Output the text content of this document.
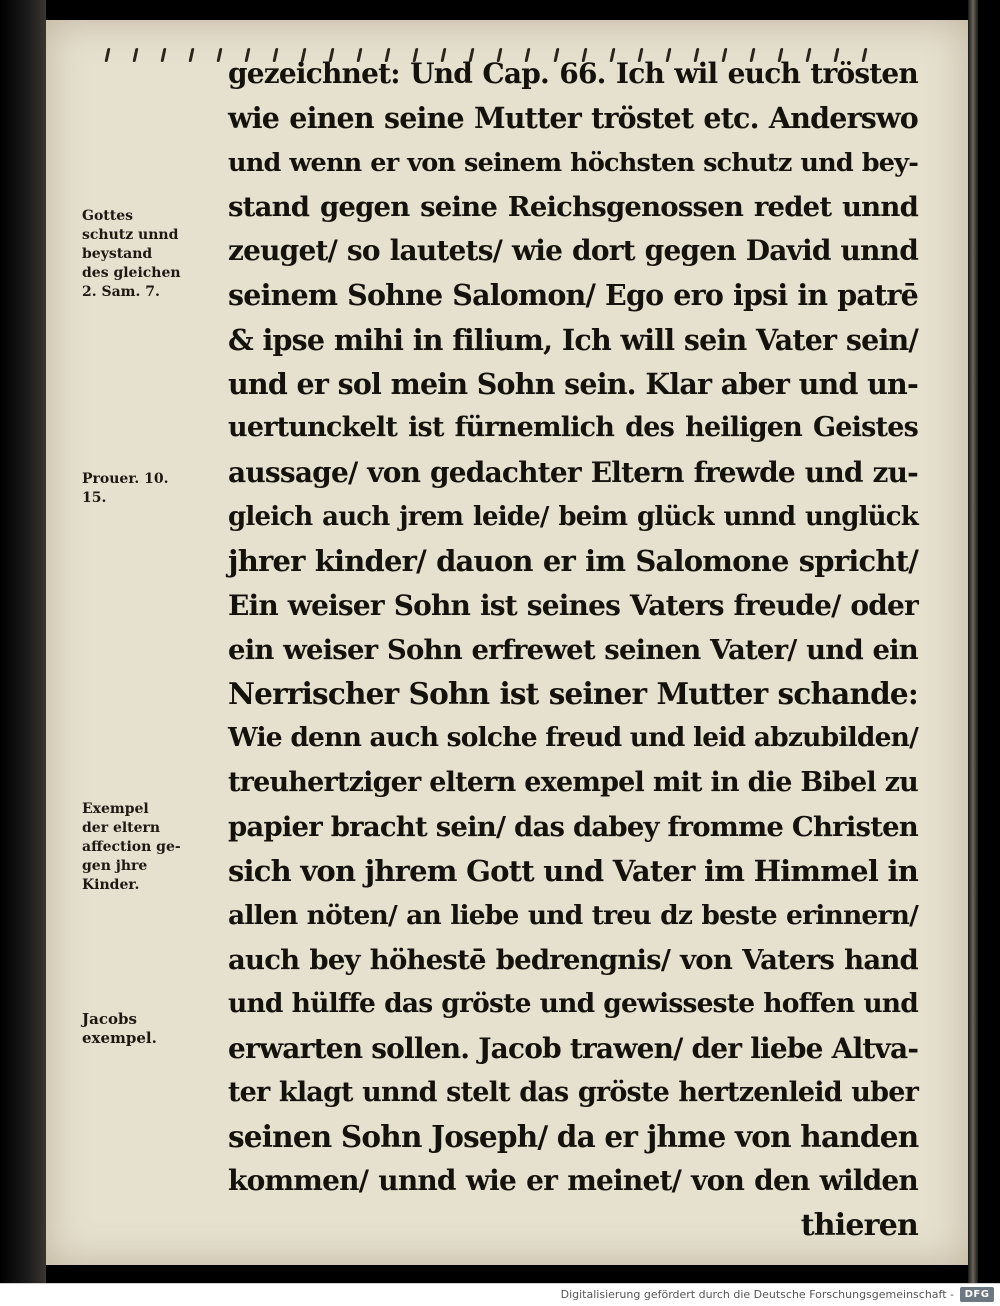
Gottes
schutz unnd
beystand
des gleichen
2. Sam. 7.
Prouer. 10.
15.
Exempel
der eltern
affection ge-
gen jhre
Kinder.
Jacobs
exempel.
gezeichnet: Und Cap. 66. Ich wil euch trösten
wie einen seine Mutter tröstet etc. Anderswo
und wenn er von seinem höchsten schutz und bey-
stand gegen seine Reichsgenossen redet unnd
zeuget/ so lautets/ wie dort gegen David unnd
seinem Sohne Salomon/ Ego ero ipsi in patrē
& ipse mihi in filium, Ich will sein Vater sein/
und er sol mein Sohn sein. Klar aber und un-
uertunckelt ist fürnemlich des heiligen Geistes
aussage/ von gedachter Eltern frewde und zu-
gleich auch jrem leide/ beim glück unnd unglück
jhrer kinder/ dauon er im Salomone spricht/
Ein weiser Sohn ist seines Vaters freude/ oder
ein weiser Sohn erfrewet seinen Vater/ und ein
Nerrischer Sohn ist seiner Mutter schande:
Wie denn auch solche freud und leid abzubilden/
treuhertziger eltern exempel mit in die Bibel zu
papier bracht sein/ das dabey fromme Christen
sich von jhrem Gott und Vater im Himmel in
allen nöten/ an liebe und treu dz beste erinnern/
auch bey höhestē bedrengnis/ von Vaters hand
und hülffe das gröste und gewisseste hoffen und
erwarten sollen. Jacob trawen/ der liebe Altva-
ter klagt unnd stelt das gröste hertzenleid uber
seinen Sohn Joseph/ da er jhme von handen
kommen/ unnd wie er meinet/ von den wilden
thieren
Digitalisierung gefördert durch die Deutsche Forschungsgemeinschaft -	DFG
